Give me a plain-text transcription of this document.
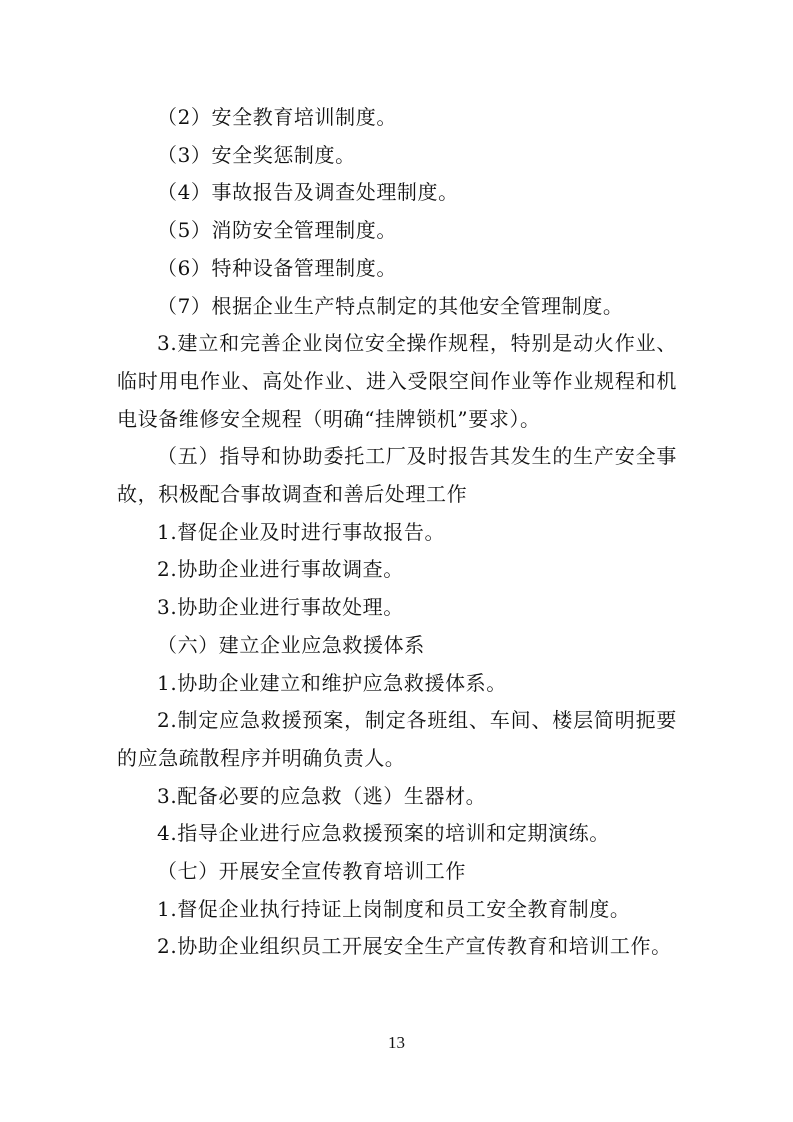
（2）安全教育培训制度。

（3）安全奖惩制度。

（4）事故报告及调查处理制度。

（5）消防安全管理制度。

（6）特种设备管理制度。

（7）根据企业生产特点制定的其他安全管理制度。

3.建立和完善企业岗位安全操作规程，特别是动火作业、临时用电作业、高处作业、进入受限空间作业等作业规程和机电设备维修安全规程（明确“挂牌锁机”要求）。

（五）指导和协助委托工厂及时报告其发生的生产安全事故，积极配合事故调查和善后处理工作

1.督促企业及时进行事故报告。

2.协助企业进行事故调查。

3.协助企业进行事故处理。

（六）建立企业应急救援体系

1.协助企业建立和维护应急救援体系。

2.制定应急救援预案，制定各班组、车间、楼层简明扼要的应急疏散程序并明确负责人。

3.配备必要的应急救（逃）生器材。

4.指导企业进行应急救援预案的培训和定期演练。

（七）开展安全宣传教育培训工作

1.督促企业执行持证上岗制度和员工安全教育制度。

2.协助企业组织员工开展安全生产宣传教育和培训工作。

13
